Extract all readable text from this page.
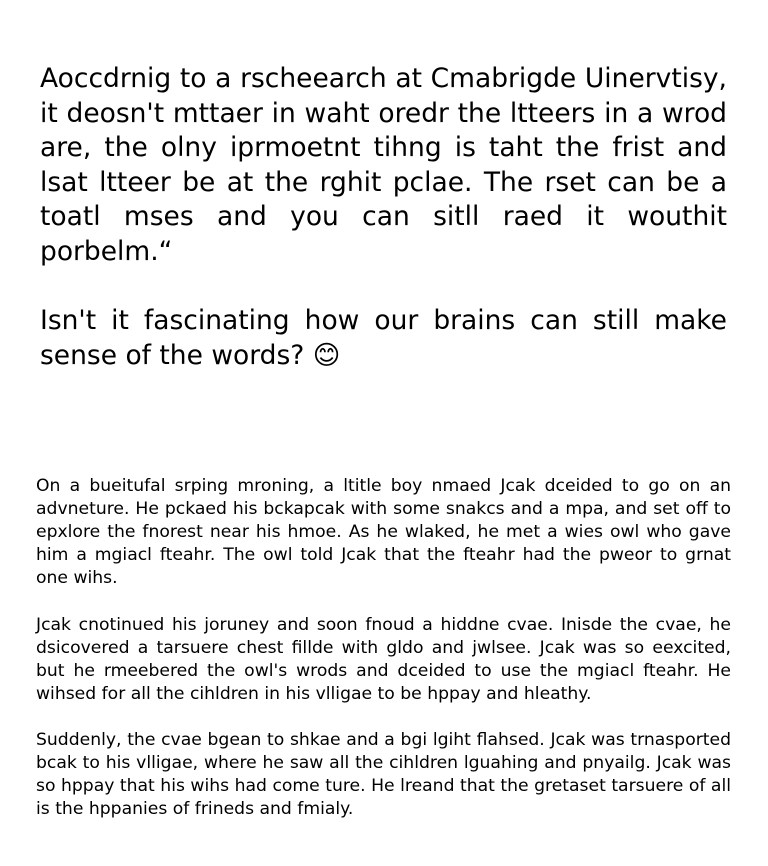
Aoccdrnig to a rscheearch at Cmabrigde Uinervtisy, it deosn't mttaer in waht oredr the ltteers in a wrod are, the olny iprmoetnt tihng is taht the frist and lsat ltteer be at the rghit pclae. The rset can be a toatl mses and you can sitll raed it wouthit porbelm.“

Isn't it fascinating how our brains can still make sense of the words? 😊

On a bueitufal srping mroning, a ltitle boy nmaed Jcak dceided to go on an advneture. He pckaed his bckapcak with some snakcs and a mpa, and set off to epxlore the fnorest near his hmoe. As he wlaked, he met a wies owl who gave him a mgiacl fteahr. The owl told Jcak that the fteahr had the pweor to grnat one wihs.

Jcak cnotinued his joruney and soon fnoud a hiddne cvae. Inisde the cvae, he dsicovered a tarsuere chest fillde with gldo and jwlsee. Jcak was so eexcited, but he rmeebered the owl's wrods and dceided to use the mgiacl fteahr. He wihsed for all the cihldren in his vlligae to be hppay and hleathy.

Suddenly, the cvae bgean to shkae and a bgi lgiht flahsed. Jcak was trnasported bcak to his vlligae, where he saw all the cihldren lguahing and pnyailg. Jcak was so hppay that his wihs had come ture. He lreand that the gretaset tarsuere of all is the hppanies of frineds and fmialy.
